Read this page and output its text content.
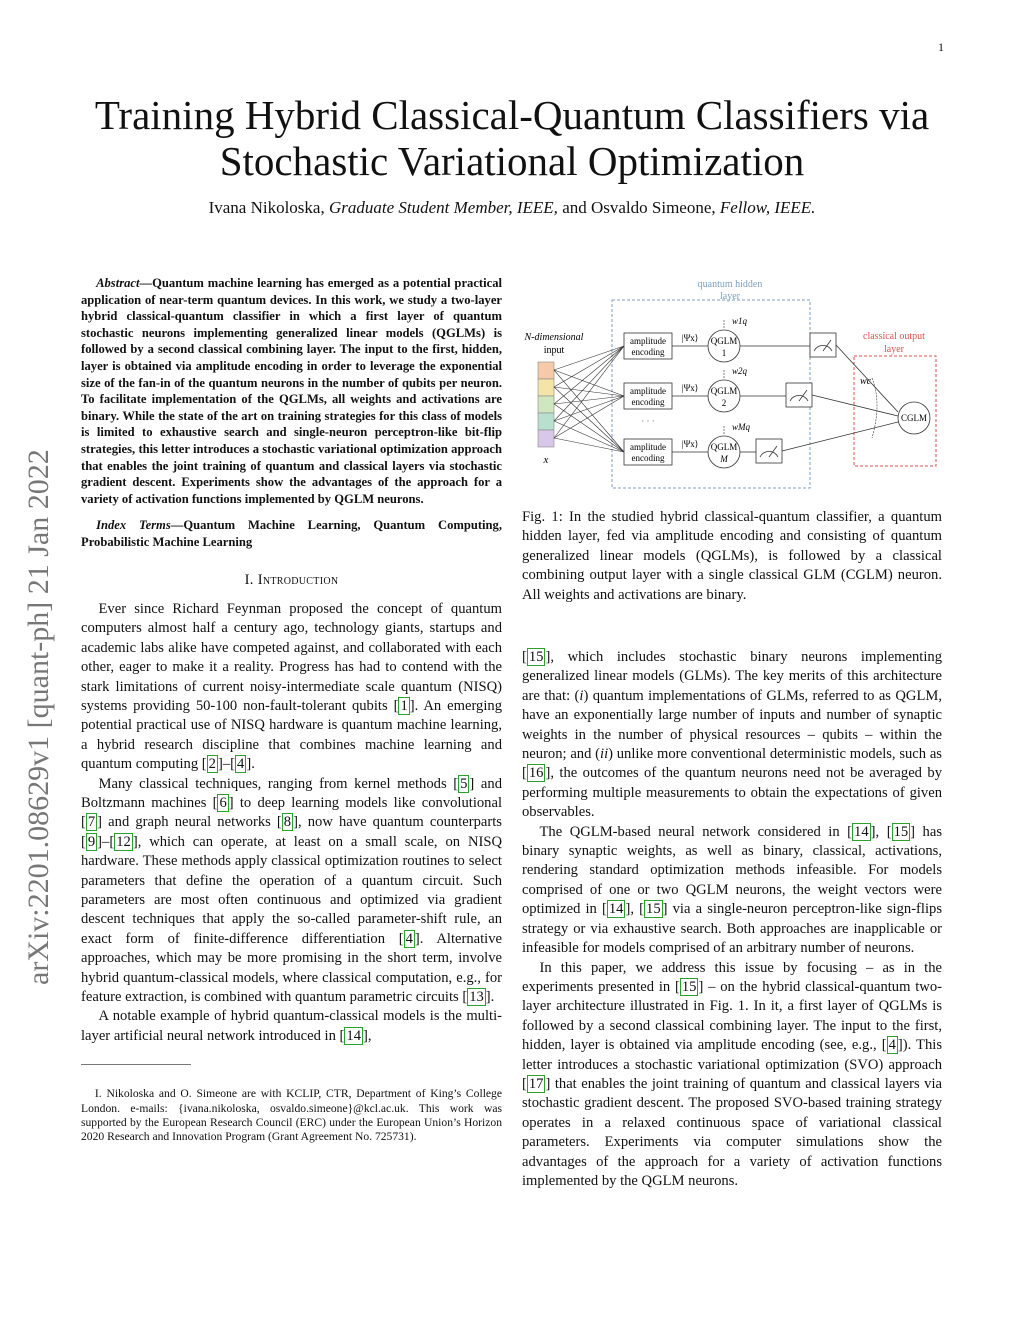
1
arXiv:2201.08629v1 [quant-ph] 21 Jan 2022
Training Hybrid Classical-Quantum Classifiers via
Stochastic Variational Optimization
Ivana Nikoloska, Graduate Student Member, IEEE, and Osvaldo Simeone, Fellow, IEEE.

Abstract—Quantum machine learning has emerged as a potential practical application of near-term quantum devices. In this work, we study a two-layer hybrid classical-quantum classifier in which a first layer of quantum stochastic neurons implementing generalized linear models (QGLMs) is followed by a second classical combining layer. The input to the first, hidden, layer is obtained via amplitude encoding in order to leverage the exponential size of the fan-in of the quantum neurons in the number of qubits per neuron. To facilitate implementation of the QGLMs, all weights and activations are binary. While the state of the art on training strategies for this class of models is limited to exhaustive search and single-neuron perceptron-like bit-flip strategies, this letter introduces a stochastic variational optimization approach that enables the joint training of quantum and classical layers via stochastic gradient descent. Experiments show the advantages of the approach for a variety of activation functions implemented by QGLM neurons.

Index Terms—Quantum Machine Learning, Quantum Computing, Probabilistic Machine Learning

I. Introduction

Ever since Richard Feynman proposed the concept of quantum computers almost half a century ago, technology giants, startups and academic labs alike have competed against, and collaborated with each other, eager to make it a reality. Progress has had to contend with the stark limitations of current noisy-intermediate scale quantum (NISQ) systems providing 50-100 non-fault-tolerant qubits [ 1 ]. An emerging potential practical use of NISQ hardware is quantum machine learning, a hybrid research discipline that combines machine learning and quantum computing [ 2 ]–[ 4 ].

Many classical techniques, ranging from kernel methods [ 5 ] and Boltzmann machines [ 6 ] to deep learning models like convolutional [ 7 ] and graph neural networks [ 8 ], now have quantum counterparts [ 9 ]–[ 12 ], which can operate, at least on a small scale, on NISQ hardware. These methods apply classical optimization routines to select parameters that define the operation of a quantum circuit. Such parameters are most often continuous and optimized via gradient descent techniques that apply the so-called parameter-shift rule, an exact form of finite-difference differentiation [ 4 ]. Alternative approaches, which may be more promising in the short term, involve hybrid quantum-classical models, where classical computation, e.g., for feature extraction, is combined with quantum parametric circuits [ 13 ].

A notable example of hybrid quantum-classical models is the multi-layer artificial neural network introduced in [ 14 ],

I. Nikoloska and O. Simeone are with KCLIP, CTR, Department of King’s College London. e-mails: {ivana.nikoloska, osvaldo.simeone}@kcl.ac.uk. This work was supported by the European Research Council (ERC) under the European Union’s Horizon 2020 Research and Innovation Program (Grant Agreement No. 725731).
quantum hidden
layer
classical output
layer
N-dimensional
input
x
amplitude
encoding
|Ψx⟩ QGLM
1
w1q
amplitude
encoding
|Ψx⟩ QGLM
2
w2q
· · ·
amplitude
encoding
|Ψx⟩ QGLM
M
wMq
wc
CGLM
Fig. 1: In the studied hybrid classical-quantum classifier, a quantum hidden layer, fed via amplitude encoding and consisting of quantum generalized linear models (QGLMs), is followed by a classical combining output layer with a single classical GLM (CGLM) neuron. All weights and activations are binary.

[ 15 ], which includes stochastic binary neurons implementing generalized linear models (GLMs). The key merits of this architecture are that: (i) quantum implementations of GLMs, referred to as QGLM, have an exponentially large number of inputs and number of synaptic weights in the number of physical resources – qubits – within the neuron; and (ii) unlike more conventional deterministic models, such as [ 16 ], the outcomes of the quantum neurons need not be averaged by performing multiple measurements to obtain the expectations of given observables.

The QGLM-based neural network considered in [ 14 ], [ 15 ] has binary synaptic weights, as well as binary, classical, activations, rendering standard optimization methods infeasible. For models comprised of one or two QGLM neurons, the weight vectors were optimized in [ 14 ], [ 15 ] via a single-neuron perceptron-like sign-flips strategy or via exhaustive search. Both approaches are inapplicable or infeasible for models comprised of an arbitrary number of neurons.

In this paper, we address this issue by focusing – as in the experiments presented in [ 15 ] – on the hybrid classical-quantum two-layer architecture illustrated in Fig. 1. In it, a first layer of QGLMs is followed by a second classical combining layer. The input to the first, hidden, layer is obtained via amplitude encoding (see, e.g., [ 4 ]). This letter introduces a stochastic variational optimization (SVO) approach [ 17 ] that enables the joint training of quantum and classical layers via stochastic gradient descent. The proposed SVO-based training strategy operates in a relaxed continuous space of variational classical parameters. Experiments via computer simulations show the advantages of the approach for a variety of activation functions implemented by the QGLM neurons.
